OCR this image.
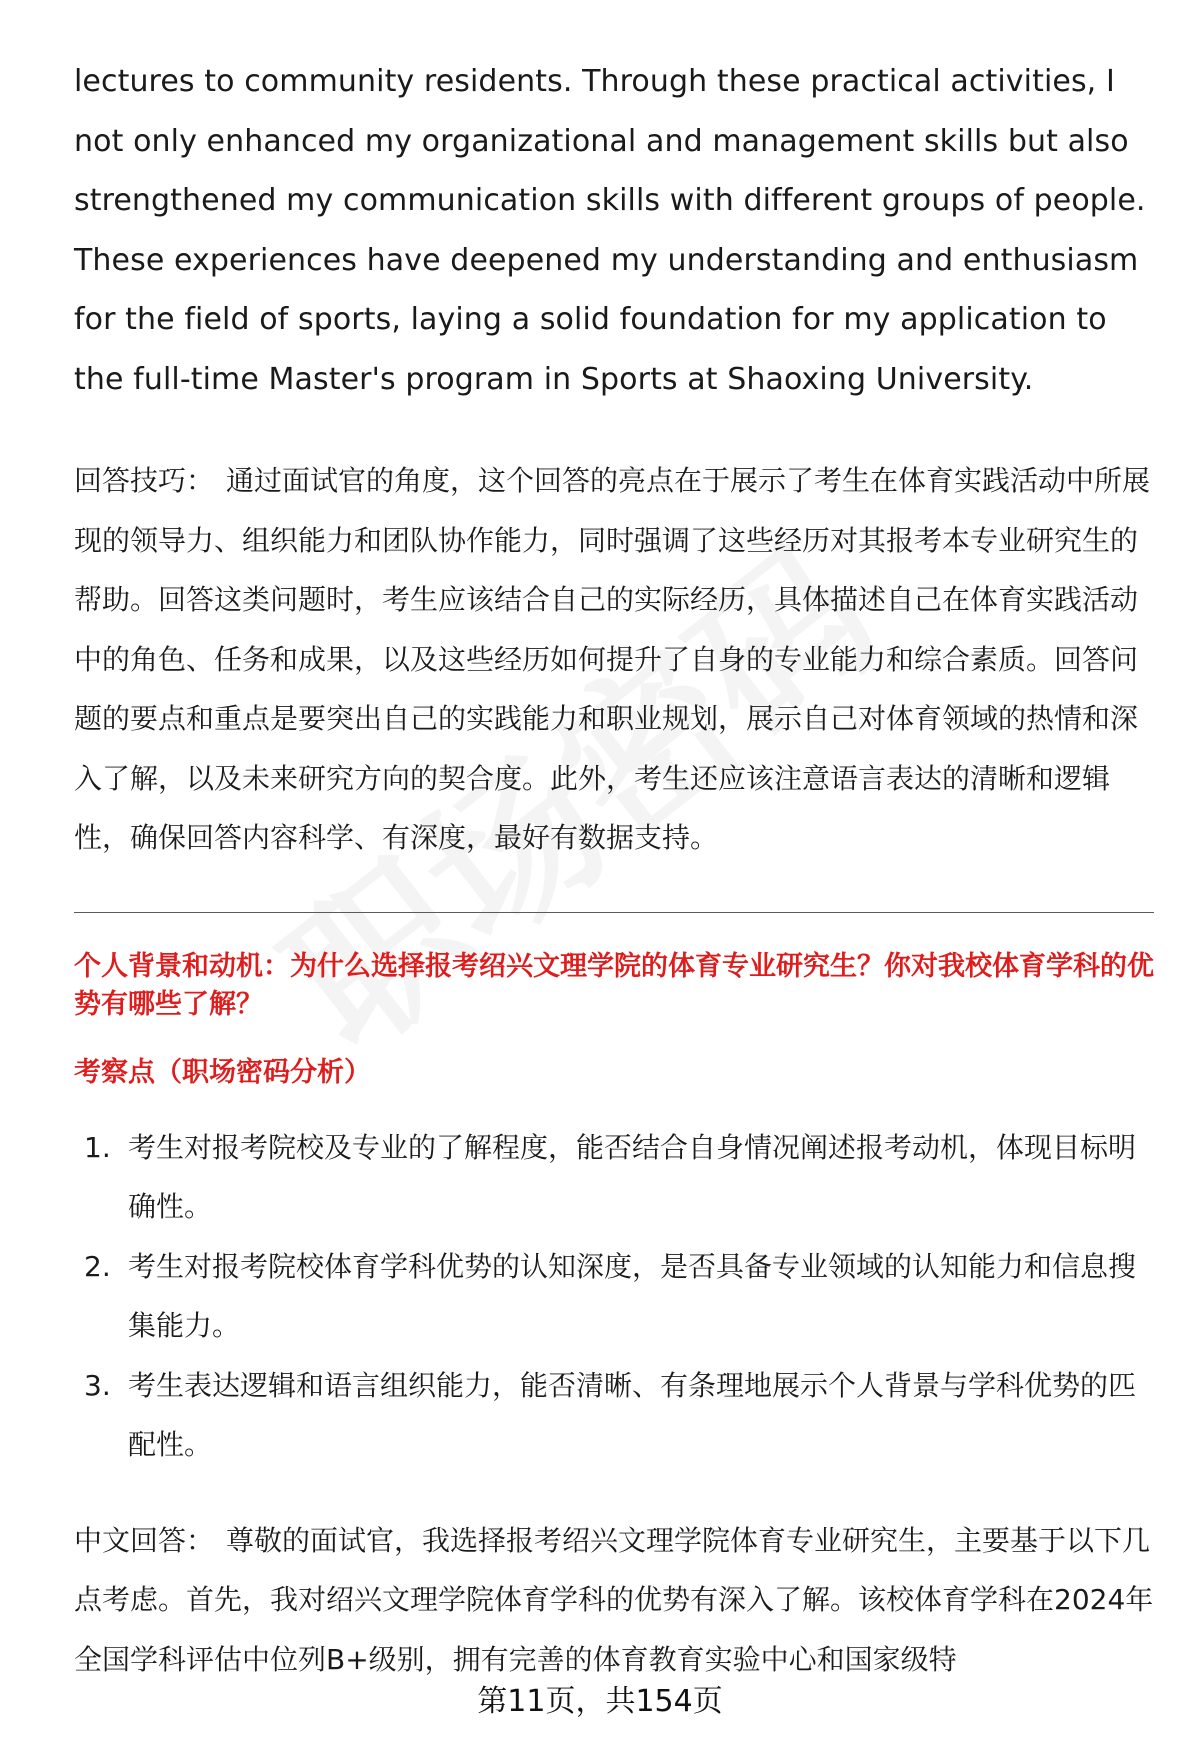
lectures to community residents. Through these practical activities, I not only enhanced my organizational and management skills but also strengthened my communication skills with different groups of people. These experiences have deepened my understanding and enthusiasm for the field of sports, laying a solid foundation for my application to the full-time Master's program in Sports at Shaoxing University.

回答技巧： 通过面试官的角度，这个回答的亮点在于展示了考生在体育实践活动中所展现的领导力、组织能力和团队协作能力，同时强调了这些经历对其报考本专业研究生的帮助。回答这类问题时，考生应该结合自己的实际经历，具体描述自己在体育实践活动中的角色、任务和成果，以及这些经历如何提升了自身的专业能力和综合素质。回答问题的要点和重点是要突出自己的实践能力和职业规划，展示自己对体育领域的热情和深入了解，以及未来研究方向的契合度。此外，考生还应该注意语言表达的清晰和逻辑性，确保回答内容科学、有深度，最好有数据支持。

个人背景和动机：为什么选择报考绍兴文理学院的体育专业研究生？你对我校体育学科的优势有哪些了解？

考察点（职场密码分析）

1. 考生对报考院校及专业的了解程度，能否结合自身情况阐述报考动机，体现目标明确性。
2. 考生对报考院校体育学科优势的认知深度，是否具备专业领域的认知能力和信息搜集能力。
3. 考生表达逻辑和语言组织能力，能否清晰、有条理地展示个人背景与学科优势的匹配性。

中文回答： 尊敬的面试官，我选择报考绍兴文理学院体育专业研究生，主要基于以下几点考虑。首先，我对绍兴文理学院体育学科的优势有深入了解。该校体育学科在2024年全国学科评估中位列B+级别，拥有完善的体育教育实验中心和国家级特

第11页，共154页
